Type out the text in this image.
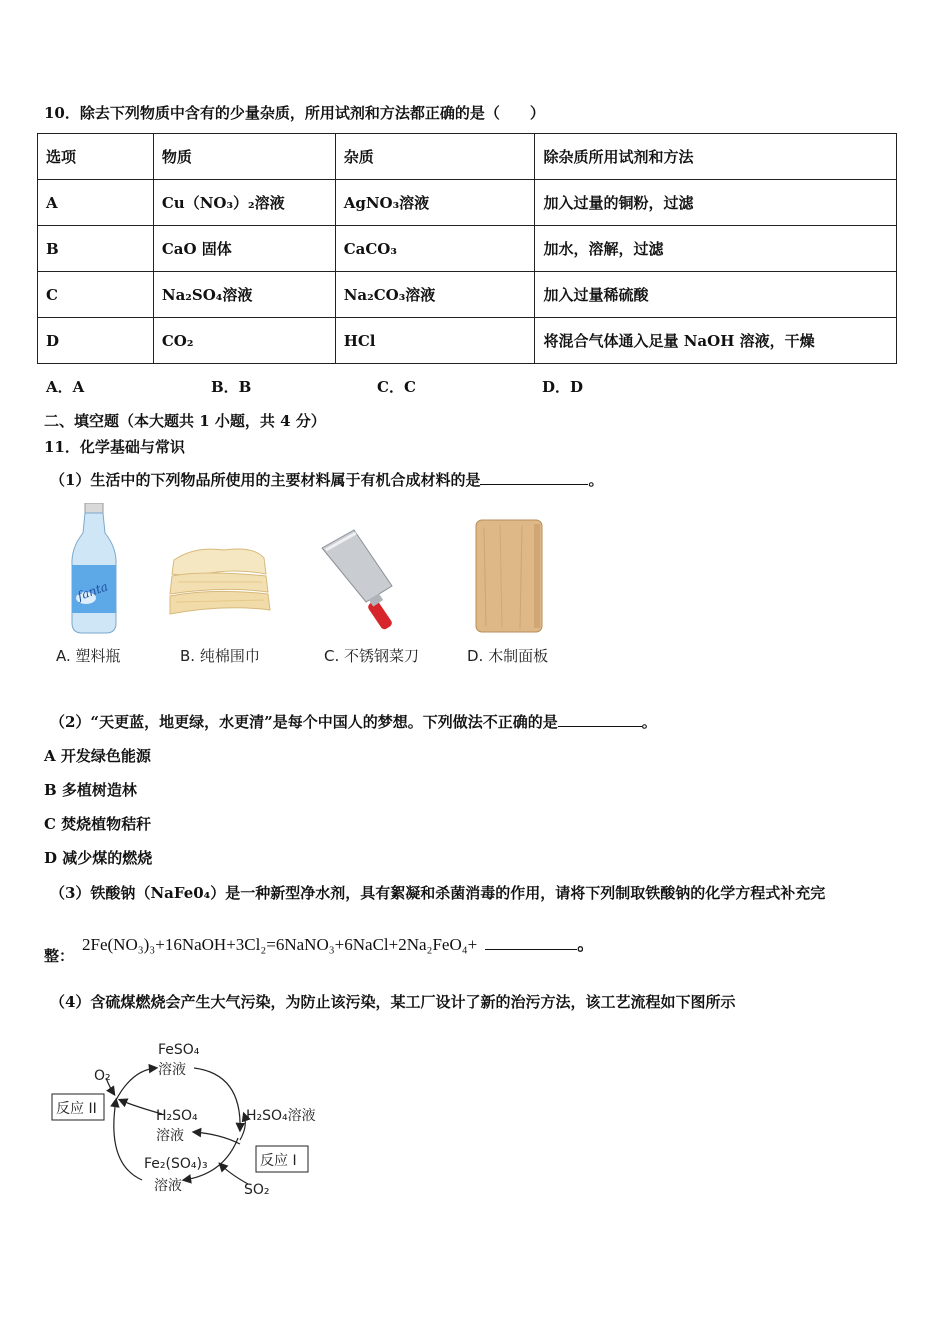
10．除去下列物质中含有的少量杂质，所用试剂和方法都正确的是（　　）
选项	物质	杂质	除杂质所用试剂和方法
A	Cu（NO₃）₂溶液	AgNO₃溶液	加入过量的铜粉，过滤
B	CaO 固体	CaCO₃	加水，溶解，过滤
C	Na₂SO₄溶液	Na₂CO₃溶液	加入过量稀硫酸
D	CO₂	HCl	将混合气体通入足量 NaOH 溶液，干燥
A．A	B．B	C．C	D．D
二、填空题（本大题共 1 小题，共 4 分）
11．化学基础与常识
（1）生活中的下列物品所使用的主要材料属于有机合成材料的是	。
fanta
A. 塑料瓶	B. 纯棉围巾	C. 不锈钢菜刀	D. 木制面板
（2）“天更蓝，地更绿，水更清”是每个中国人的梦想。下列做法不正确的是	。
A 开发绿色能源
B 多植树造林
C 焚烧植物秸秆
D 减少煤的燃烧
（3）铁酸钠（NaFe0₄）是一种新型净水剂，具有絮凝和杀菌消毒的作用，请将下列制取铁酸钠的化学方程式补充完
整：
2Fe(NO₃)₃+16NaOH+3Cl₂=6NaNO₃+6NaCl+2Na₂FeO₄+	。
（4）含硫煤燃烧会产生大气污染，为防止该污染，某工厂设计了新的治污方法，该工艺流程如下图所示
FeSO₄
溶液
O₂
反应 II	H₂SO₄
溶液
H₂SO₄溶液
反应 I
Fe₂(SO₄)₃
溶液	SO₂
